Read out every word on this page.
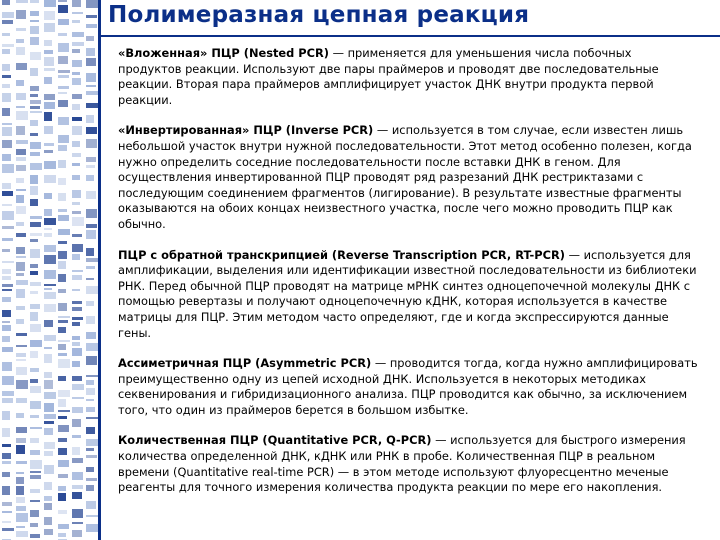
Полимеразная цепная реакция

«Вложенная» ПЦР (Nested PCR) — применяется для уменьшения числа побочных продуктов реакции. Используют две пары праймеров и проводят две последовательные реакции. Вторая пара праймеров амплифицирует участок ДНК внутри продукта первой реакции.

«Инвертированная» ПЦР (Inverse PCR) — используется в том случае, если известен лишь небольшой участок внутри нужной последовательности. Этот метод особенно полезен, когда нужно определить соседние последовательности после вставки ДНК в геном. Для осуществления инвертированной ПЦР проводят ряд разрезаний ДНК рестриктазами с последующим соединением фрагментов (лигирование). В результате известные фрагменты оказываются на обоих концах неизвестного участка, после чего можно проводить ПЦР как обычно.

ПЦР с обратной транскрипцией (Reverse Transcription PCR, RT-PCR) — используется для амплификации, выделения или идентификации известной последовательности из библиотеки РНК. Перед обычной ПЦР проводят на матрице мРНК синтез одноцепочечной молекулы ДНК с помощью ревертазы и получают одноцепочечную кДНК, которая используется в качестве матрицы для ПЦР. Этим методом часто определяют, где и когда экспрессируются данные гены.

Ассиметричная ПЦР (Asymmetric PCR) — проводится тогда, когда нужно амплифицировать преимущественно одну из цепей исходной ДНК. Используется в некоторых методиках секвенирования и гибридизационного анализа. ПЦР проводится как обычно, за исключением того, что один из праймеров берется в большом избытке.

Количественная ПЦР (Quantitative PCR, Q-PCR) — используется для быстрого измерения количества определенной ДНК, кДНК или РНК в пробе. Количественная ПЦР в реальном времени (Quantitative real-time PCR) — в этом методе используют флуоресцентно меченые реагенты для точного измерения количества продукта реакции по мере его накопления.
